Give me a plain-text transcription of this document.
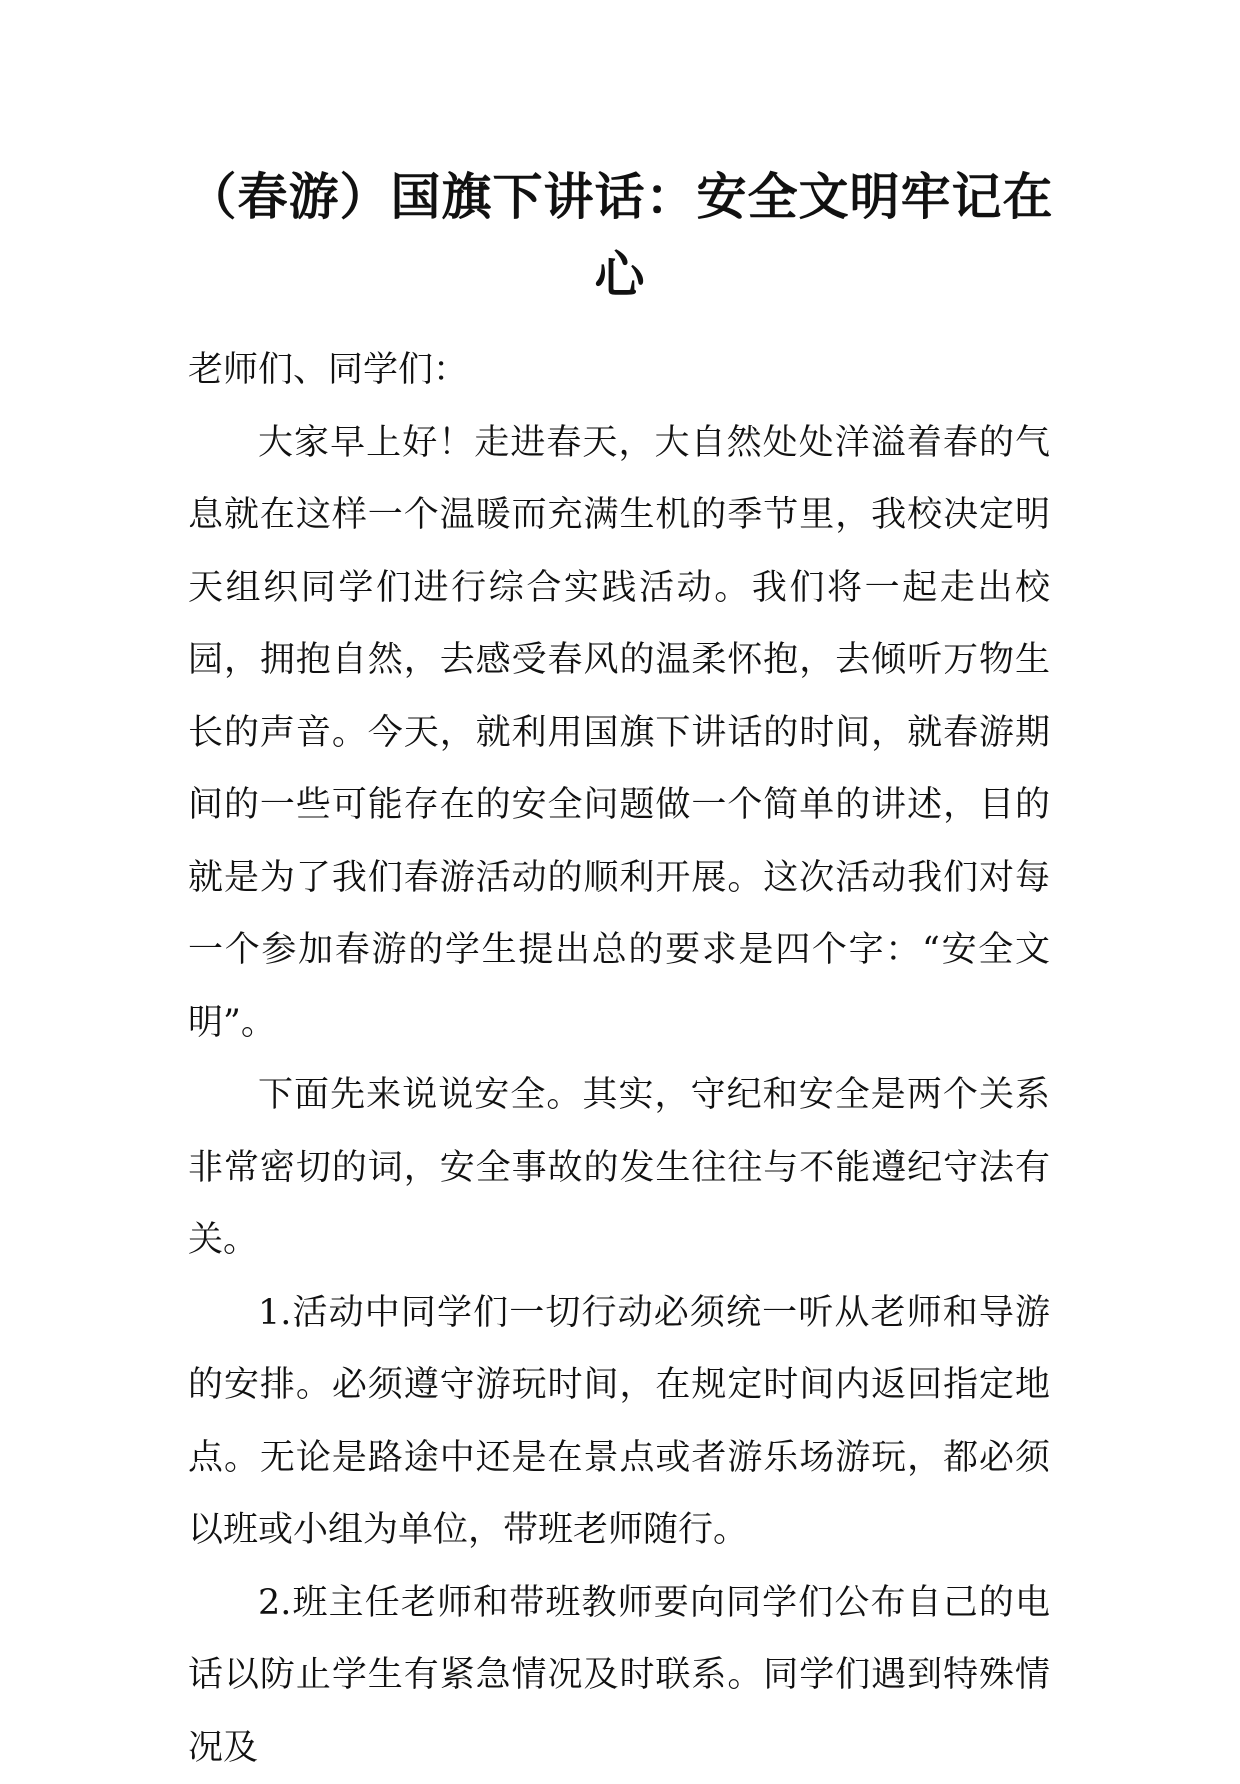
（春游）国旗下讲话：安全文明牢记在心

老师们、同学们：

大家早上好！走进春天，大自然处处洋溢着春的气息就在这样一个温暖而充满生机的季节里，我校决定明天组织同学们进行综合实践活动。我们将一起走出校园，拥抱自然，去感受春风的温柔怀抱，去倾听万物生长的声音。今天，就利用国旗下讲话的时间，就春游期间的一些可能存在的安全问题做一个简单的讲述，目的就是为了我们春游活动的顺利开展。这次活动我们对每一个参加春游的学生提出总的要求是四个字：“安全文明”。

下面先来说说安全。其实，守纪和安全是两个关系非常密切的词，安全事故的发生往往与不能遵纪守法有关。

1.活动中同学们一切行动必须统一听从老师和导游的安排。必须遵守游玩时间，在规定时间内返回指定地点。无论是路途中还是在景点或者游乐场游玩，都必须以班或小组为单位，带班老师随行。

2.班主任老师和带班教师要向同学们公布自己的电话以防止学生有紧急情况及时联系。同学们遇到特殊情况及
